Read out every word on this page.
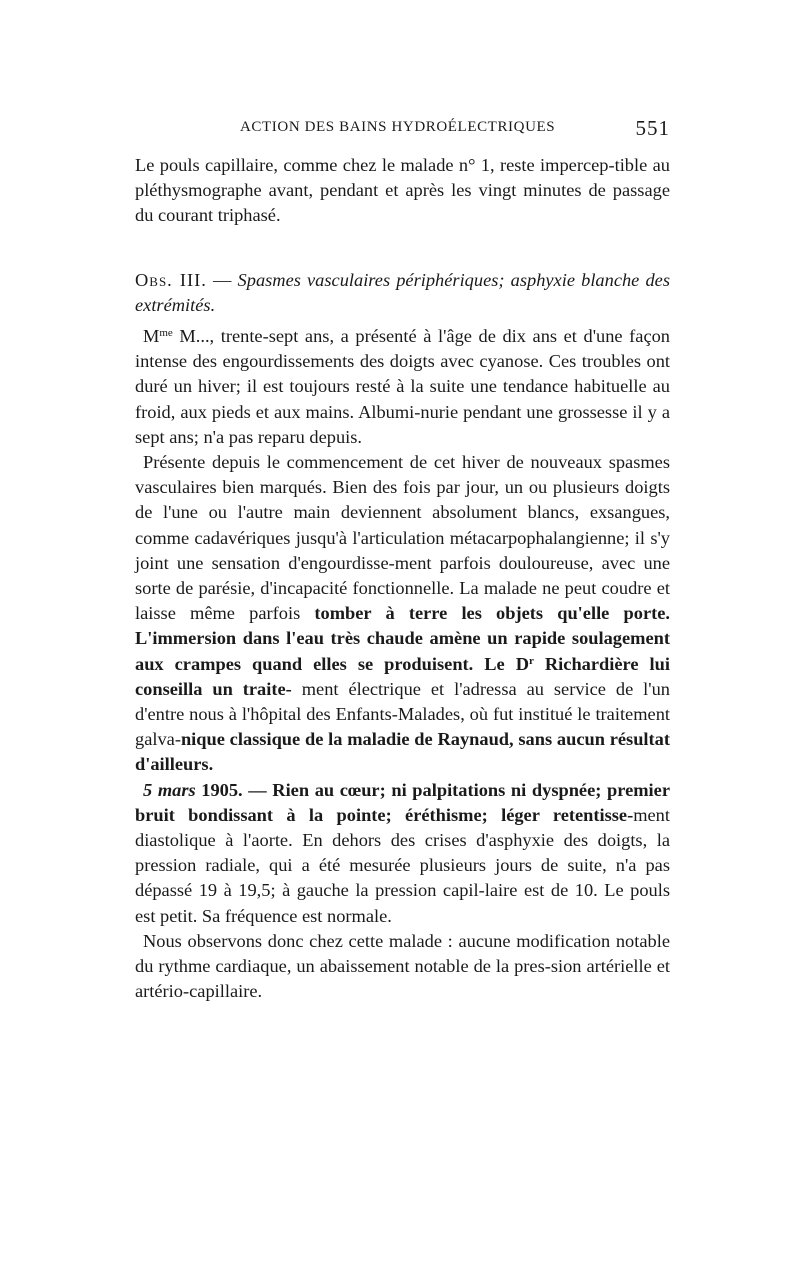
ACTION DES BAINS HYDROÉLECTRIQUES	551

Le pouls capillaire, comme chez le malade n° 1, reste impercep-tible au pléthysmographe avant, pendant et après les vingt minutes de passage du courant triphasé.

Obs. III. — Spasmes vasculaires périphériques; asphyxie blanche des extrémités.

$M^{me}$ M..., trente-sept ans, a présenté à l'âge de dix ans et d'une façon intense des engourdissements des doigts avec cyanose. Ces troubles ont duré un hiver; il est toujours resté à la suite une tendance habituelle au froid, aux pieds et aux mains. Albumi-nurie pendant une grossesse il y a sept ans; n'a pas reparu depuis.

Présente depuis le commencement de cet hiver de nouveaux spasmes vasculaires bien marqués. Bien des fois par jour, un ou plusieurs doigts de l'une ou l'autre main deviennent absolument blancs, exsangues, comme cadavériques jusqu'à l'articulation métacarpophalangienne; il s'y joint une sensation d'engourdisse-ment parfois douloureuse, avec une sorte de parésie, d'incapacité fonctionnelle. La malade ne peut coudre et laisse même parfois tomber à terre les objets qu'elle porte. L'immersion dans l'eau très chaude amène un rapide soulagement aux crampes quand elles se produisent. Le $D^r$ Richardière lui conseilla un traite- ment électrique et l'adressa au service de l'un d'entre nous à l'hôpital des Enfants-Malades, où fut institué le traitement galva-nique classique de la maladie de Raynaud, sans aucun résultat d'ailleurs.

5 mars 1905. — Rien au cœur; ni palpitations ni dyspnée; premier bruit bondissant à la pointe; éréthisme; léger retentisse-ment diastolique à l'aorte. En dehors des crises d'asphyxie des doigts, la pression radiale, qui a été mesurée plusieurs jours de suite, n'a pas dépassé 19 à 19,5; à gauche la pression capil-laire est de 10. Le pouls est petit. Sa fréquence est normale.

Nous observons donc chez cette malade : aucune modification notable du rythme cardiaque, un abaissement notable de la pres-sion artérielle et artério-capillaire.
